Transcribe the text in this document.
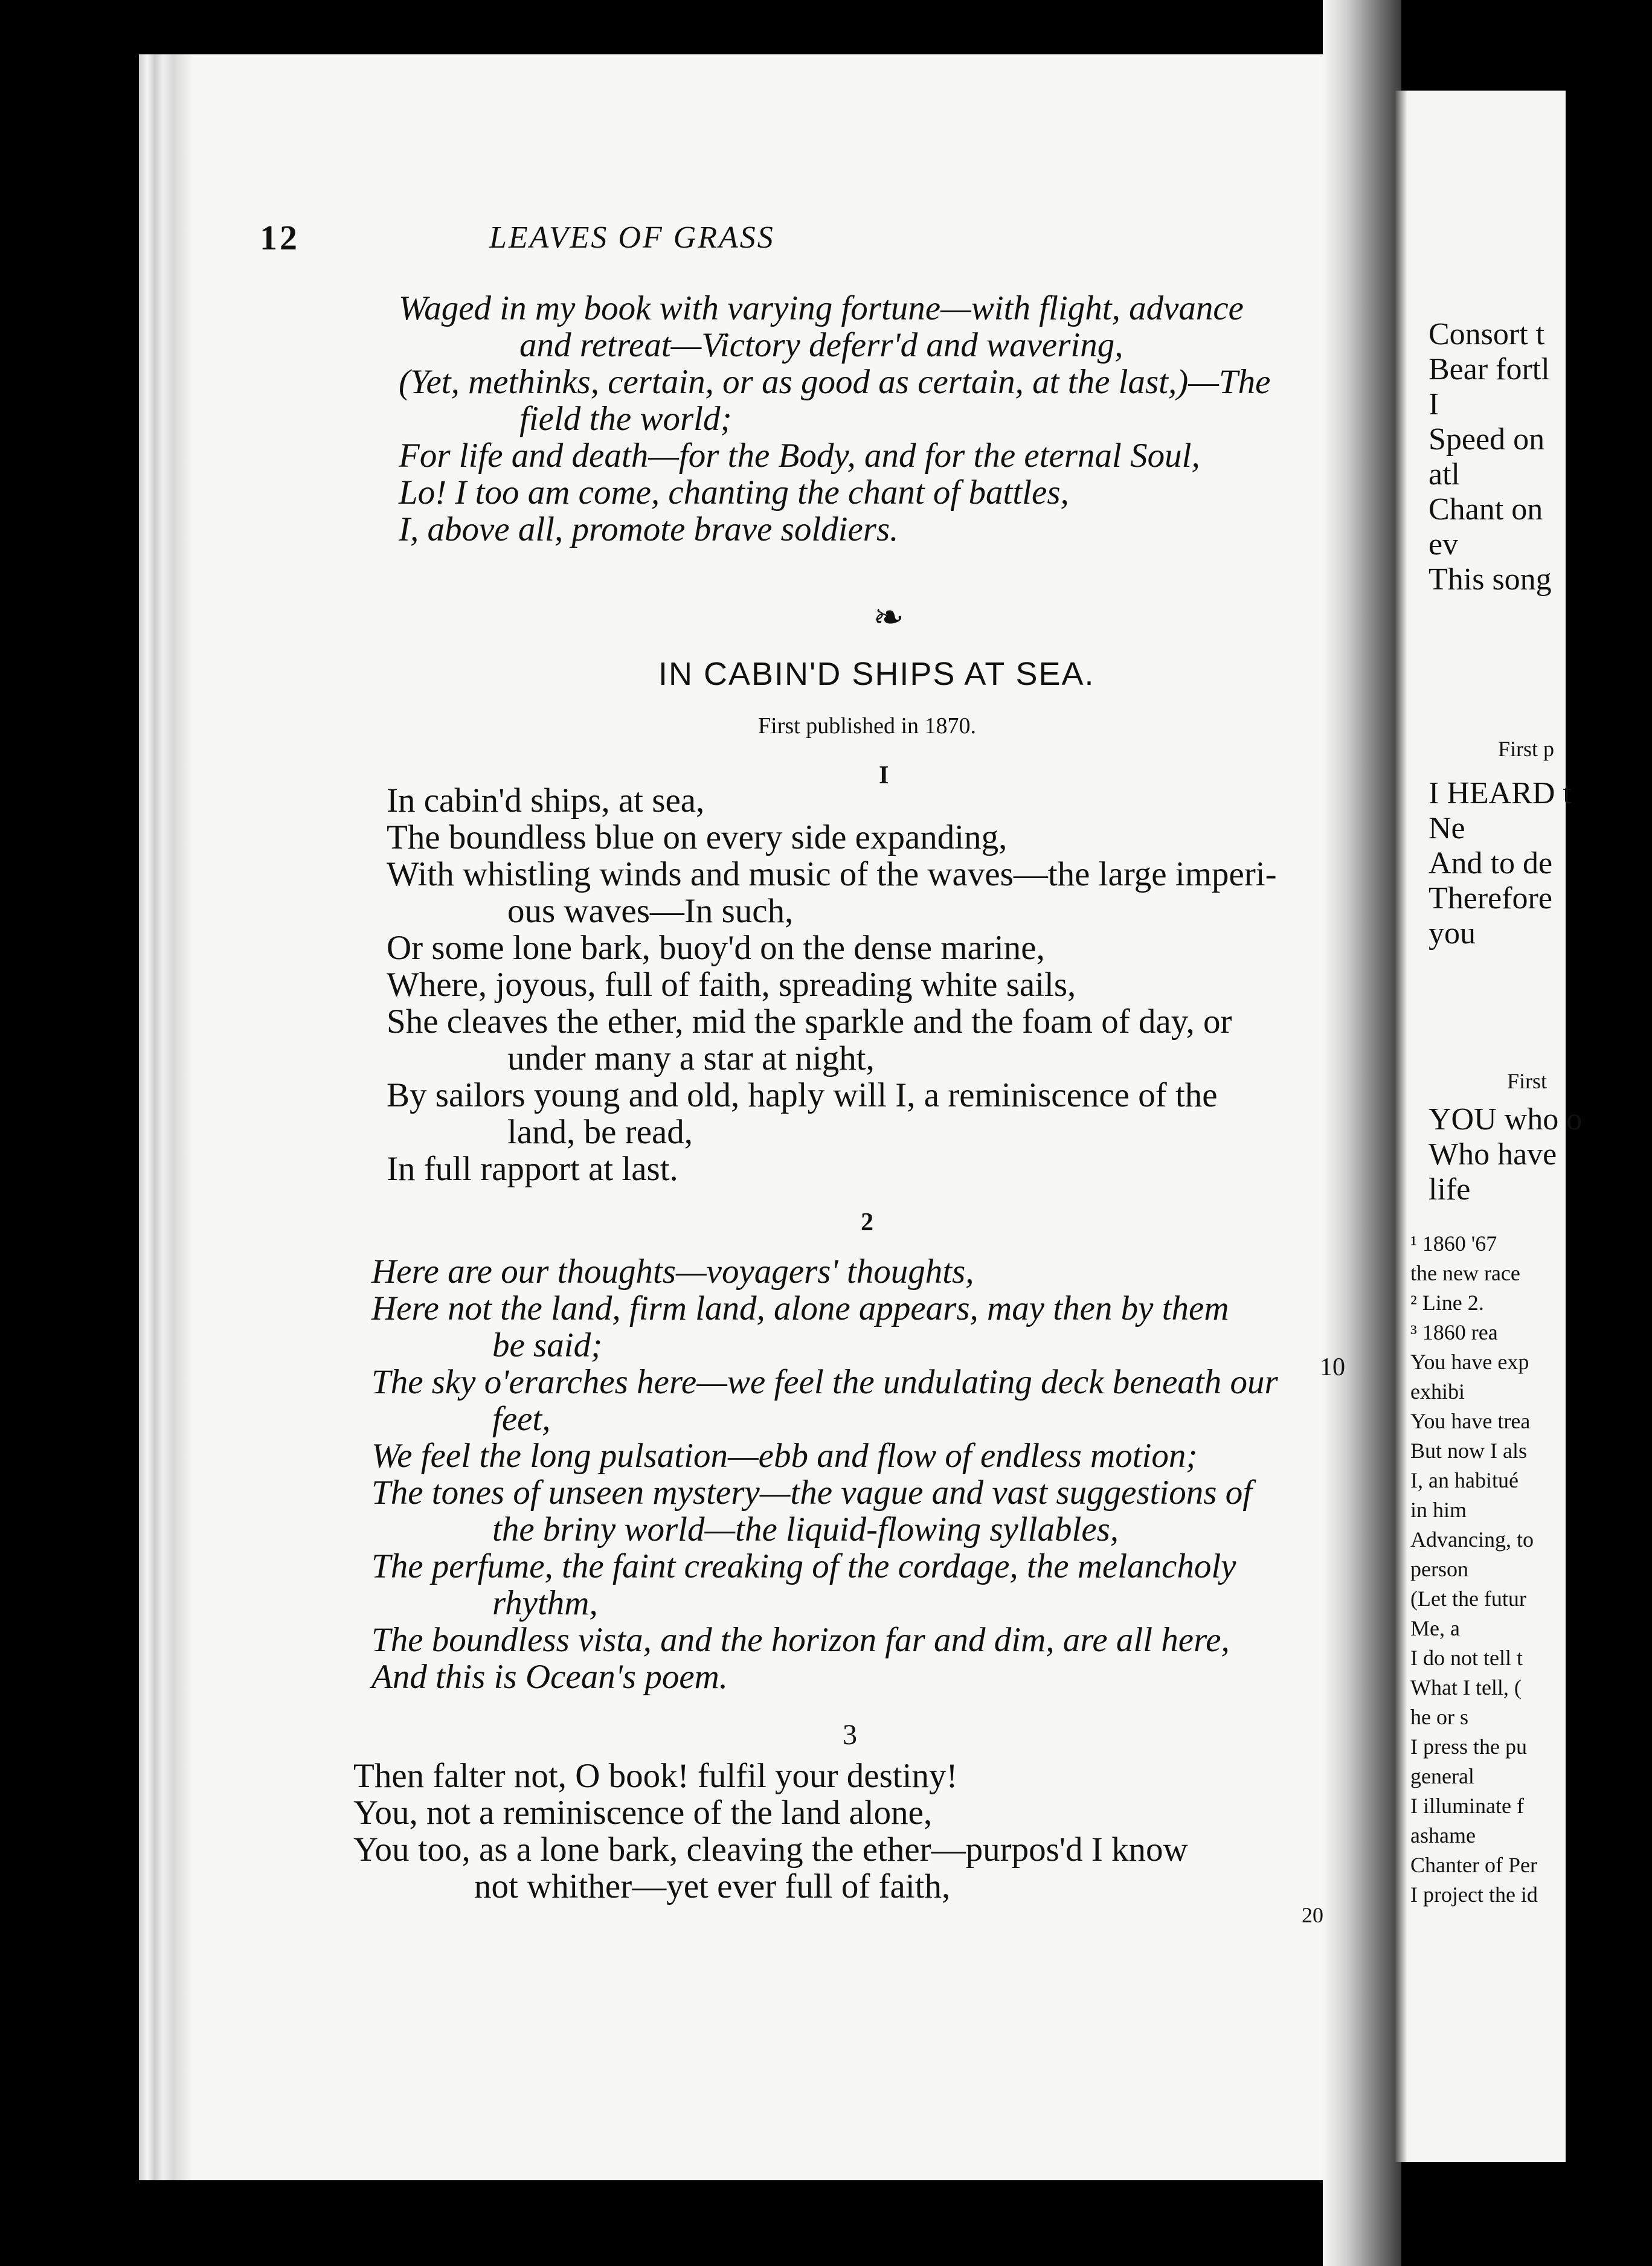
12	LEAVES OF GRASS
Waged in my book with varying fortune—with flight, advance
and retreat—Victory deferr'd and wavering,
(Yet, methinks, certain, or as good as certain, at the last,)—The
field the world;
For life and death—for the Body, and for the eternal Soul,
Lo! I too am come, chanting the chant of battles,
I, above all, promote brave soldiers.
❧
IN CABIN'D SHIPS AT SEA.
First published in 1870.
I
In cabin'd ships, at sea,
The boundless blue on every side expanding,
With whistling winds and music of the waves—the large imperi-
ous waves—In such,
Or some lone bark, buoy'd on the dense marine,
Where, joyous, full of faith, spreading white sails,
She cleaves the ether, mid the sparkle and the foam of day, or
under many a star at night,
By sailors young and old, haply will I, a reminiscence of the
land, be read,
In full rapport at last.
2
Here are our thoughts—voyagers' thoughts,
Here not the land, firm land, alone appears, may then by them
be said;
The sky o'erarches here—we feel the undulating deck beneath our
feet,
We feel the long pulsation—ebb and flow of endless motion;
The tones of unseen mystery—the vague and vast suggestions of
the briny world—the liquid-flowing syllables,
The perfume, the faint creaking of the cordage, the melancholy
rhythm,
The boundless vista, and the horizon far and dim, are all here,
And this is Ocean's poem.
10
3
Then falter not, O book! fulfil your destiny!
You, not a reminiscence of the land alone,
You too, as a lone bark, cleaving the ether—purpos'd I know
not whither—yet ever full of faith,
20
Consort t
Bear fortl
I
Speed on
atl
Chant on
ev
This song
First p
I HEARD t
Ne
And to de
Therefore
you
First
YOU who o
Who have
life
¹ 1860 '67
the new race
² Line 2.
³ 1860 rea
You have exp
exhibi
You have trea
But now I als
I, an habitué
in him
Advancing, to
person
(Let the futur
Me, a
I do not tell t
What I tell, (
he or s
I press the pu
general
I illuminate f
ashame
Chanter of Per
I project the id
